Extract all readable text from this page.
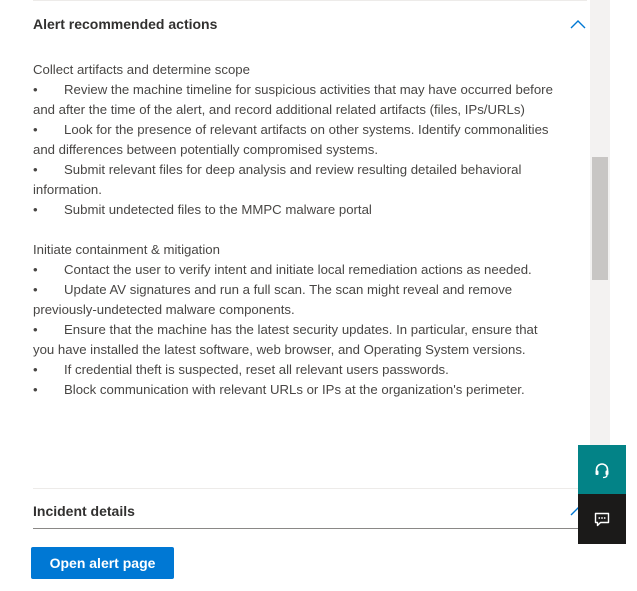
Alert recommended actions

Collect artifacts and determine scope

• Review the machine timeline for suspicious activities that may have occurred before and after the time of the alert, and record additional related artifacts (files, IPs/URLs)

• Look for the presence of relevant artifacts on other systems. Identify commonalities and differences between potentially compromised systems.

• Submit relevant files for deep analysis and review resulting detailed behavioral information.

• Submit undetected files to the MMPC malware portal

Initiate containment & mitigation

• Contact the user to verify intent and initiate local remediation actions as needed.

• Update AV signatures and run a full scan. The scan might reveal and remove previously-undetected malware components.

• Ensure that the machine has the latest security updates. In particular, ensure that you have installed the latest software, web browser, and Operating System versions.

• If credential theft is suspected, reset all relevant users passwords.

• Block communication with relevant URLs or IPs at the organization's perimeter.

Incident details
Open alert page
